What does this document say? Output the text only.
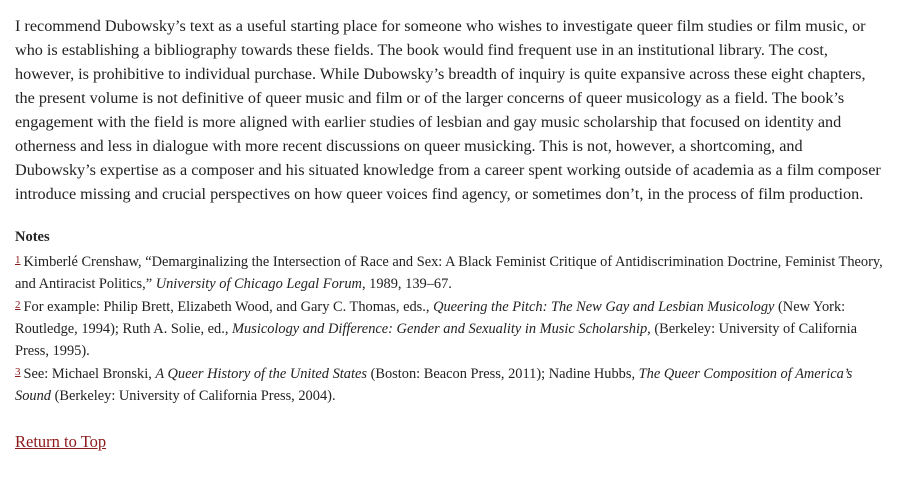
I recommend Dubowsky’s text as a useful starting place for someone who wishes to investigate queer film studies or film music, or who is establishing a bibliography towards these fields. The book would find frequent use in an institutional library. The cost, however, is prohibitive to individual purchase. While Dubowsky’s breadth of inquiry is quite expansive across these eight chapters, the present volume is not definitive of queer music and film or of the larger concerns of queer musicology as a field. The book’s engagement with the field is more aligned with earlier studies of lesbian and gay music scholarship that focused on identity and otherness and less in dialogue with more recent discussions on queer musicking. This is not, however, a shortcoming, and Dubowsky’s expertise as a composer and his situated knowledge from a career spent working outside of academia as a film composer introduce missing and crucial perspectives on how queer voices find agency, or sometimes don’t, in the process of film production.

Notes
$^1$ Kimberlé Crenshaw, “Demarginalizing the Intersection of Race and Sex: A Black Feminist Critique of Antidiscrimination Doctrine, Feminist Theory, and Antiracist Politics,” University of Chicago Legal Forum, 1989, 139–67.
$^2$ For example: Philip Brett, Elizabeth Wood, and Gary C. Thomas, eds., Queering the Pitch: The New Gay and Lesbian Musicology (New York: Routledge, 1994); Ruth A. Solie, ed., Musicology and Difference: Gender and Sexuality in Music Scholarship, (Berkeley: University of California Press, 1995).
$^3$ See: Michael Bronski, A Queer History of the United States (Boston: Beacon Press, 2011); Nadine Hubbs, The Queer Composition of America’s Sound (Berkeley: University of California Press, 2004).
Return to Top
